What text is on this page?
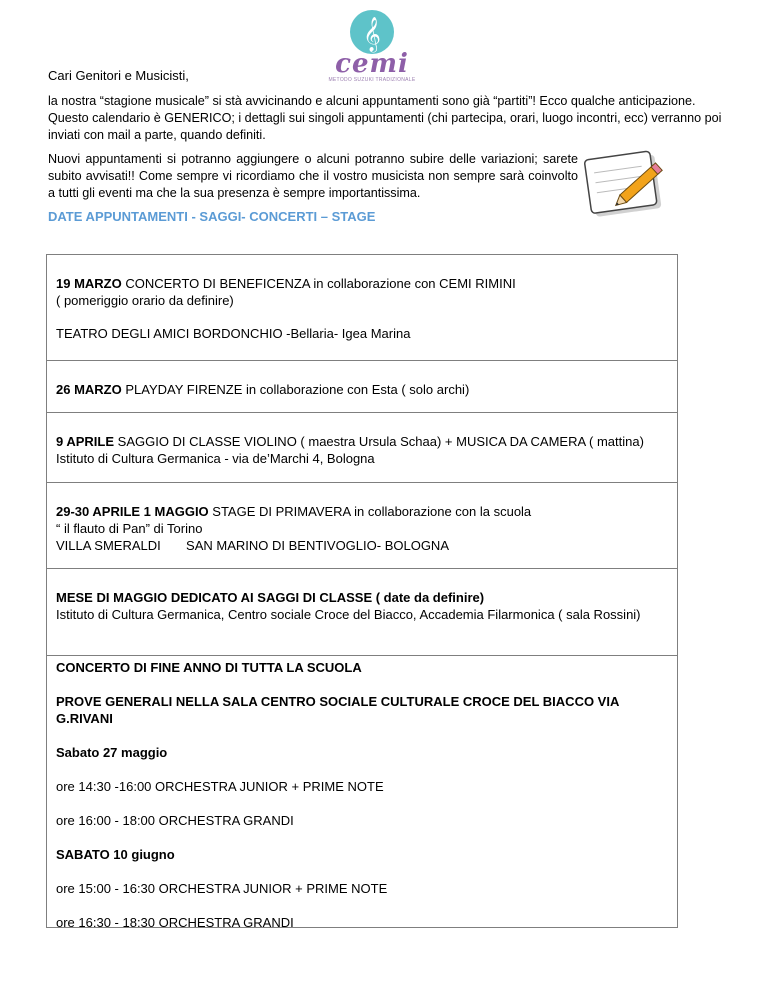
𝄞
cemi
METODO SUZUKI TRADIZIONALE
Cari Genitori e Musicisti,
la nostra “stagione musicale” si stà avvicinando e alcuni appuntamenti sono già “partiti”! Ecco qualche anticipazione. Questo calendario è GENERICO; i dettagli sui singoli appuntamenti (chi partecipa, orari, luogo incontri, ecc) verranno poi inviati con mail a parte, quando definiti.
Nuovi appuntamenti si potranno aggiungere o alcuni potranno subire delle variazioni; sarete subito avvisati!! Come sempre vi ricordiamo che il vostro musicista non sempre sarà coinvolto a tutti gli eventi ma che la sua presenza è sempre importantissima.
DATE APPUNTAMENTI - SAGGI- CONCERTI – STAGE

19 MARZO CONCERTO DI BENEFICENZA in collaborazione con CEMI RIMINI

( pomeriggio orario da definire)

TEATRO DEGLI AMICI BORDONCHIO -Bellaria- Igea Marina

26 MARZO PLAYDAY FIRENZE in collaborazione con Esta ( solo archi)

9 APRILE SAGGIO DI CLASSE VIOLINO ( maestra Ursula Schaa) + MUSICA DA CAMERA ( mattina)

Istituto di Cultura Germanica - via de’Marchi 4, Bologna

29-30 APRILE 1 MAGGIO STAGE DI PRIMAVERA in collaborazione con la scuola

“ il flauto di Pan” di Torino

VILLA SMERALDI       SAN MARINO DI BENTIVOGLIO- BOLOGNA

MESE DI MAGGIO DEDICATO AI SAGGI DI CLASSE ( date da definire)

Istituto di Cultura Germanica, Centro sociale Croce del Biacco, Accademia Filarmonica ( sala Rossini)

CONCERTO DI FINE ANNO DI TUTTA LA SCUOLA

PROVE GENERALI NELLA SALA CENTRO SOCIALE CULTURALE CROCE DEL BIACCO VIA G.RIVANI

Sabato 27 maggio

ore 14:30 -16:00 ORCHESTRA JUNIOR + PRIME NOTE

ore 16:00 - 18:00 ORCHESTRA GRANDI

SABATO 10 giugno

ore 15:00 - 16:30 ORCHESTRA JUNIOR + PRIME NOTE

ore 16:30 - 18:30 ORCHESTRA GRANDI
